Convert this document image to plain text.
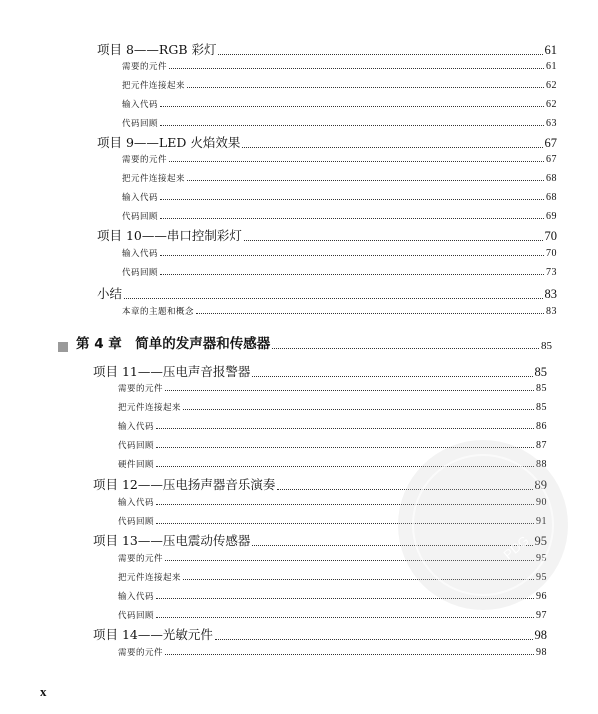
项目 8——RGB 彩灯	61
需要的元件	61
把元件连接起来	62
输入代码	62
代码回顾	63
项目 9——LED 火焰效果	67
需要的元件	67
把元件连接起来	68
输入代码	68
代码回顾	69
项目 10——串口控制彩灯	70
输入代码	70
代码回顾	73
小结	83
本章的主题和概念	83
第 4 章　简单的发声器和传感器	85
项目 11——压电声音报警器	85
需要的元件	85
把元件连接起来	85
输入代码	86
代码回顾	87
硬件回顾	88
项目 12——压电扬声器音乐演奏	89
输入代码	90
代码回顾	91
项目 13——压电震动传感器	95
需要的元件	95
把元件连接起来	95
输入代码	96
代码回顾	97
项目 14——光敏元件	98
需要的元件	98
PDG
x
